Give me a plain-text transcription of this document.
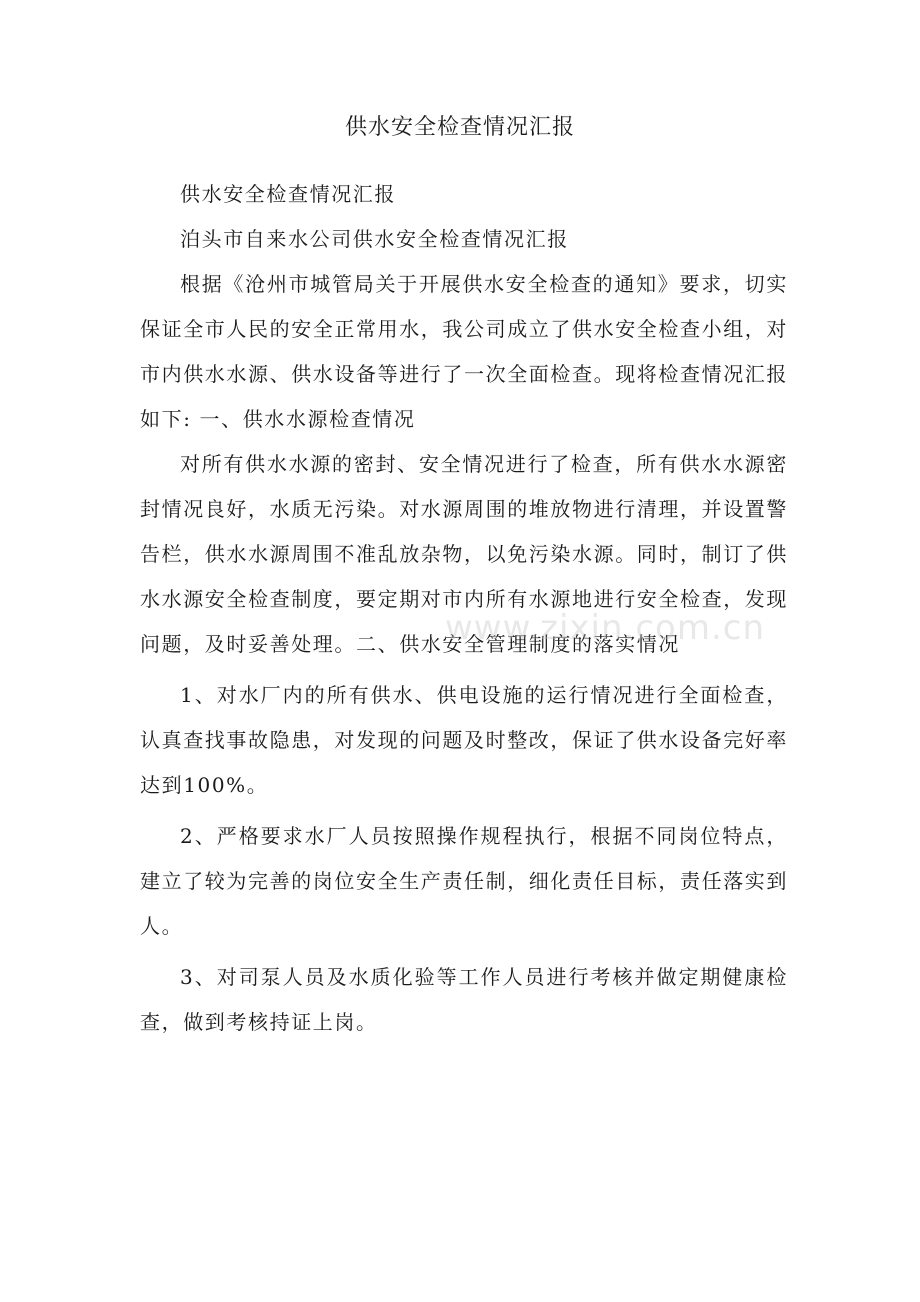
供水安全检查情况汇报

供水安全检查情况汇报

泊头市自来水公司供水安全检查情况汇报

根据《沧州市城管局关于开展供水安全检查的通知》要求，切实保证全市人民的安全正常用水，我公司成立了供水安全检查小组，对市内供水水源、供水设备等进行了一次全面检查。现将检查情况汇报如下: 一、供水水源检查情况

对所有供水水源的密封、安全情况进行了检查，所有供水水源密封情况良好，水质无污染。对水源周围的堆放物进行清理，并设置警告栏，供水水源周围不准乱放杂物，以免污染水源。同时，制订了供水水源安全检查制度，要定期对市内所有水源地进行安全检查，发现问题，及时妥善处理。二、供水安全管理制度的落实情况

1、对水厂内的所有供水、供电设施的运行情况进行全面检查，认真查找事故隐患，对发现的问题及时整改，保证了供水设备完好率达到100%。

2、严格要求水厂人员按照操作规程执行，根据不同岗位特点，建立了较为完善的岗位安全生产责任制，细化责任目标，责任落实到人。

3、对司泵人员及水质化验等工作人员进行考核并做定期健康检查，做到考核持证上岗。

www.zixin.com.cn
